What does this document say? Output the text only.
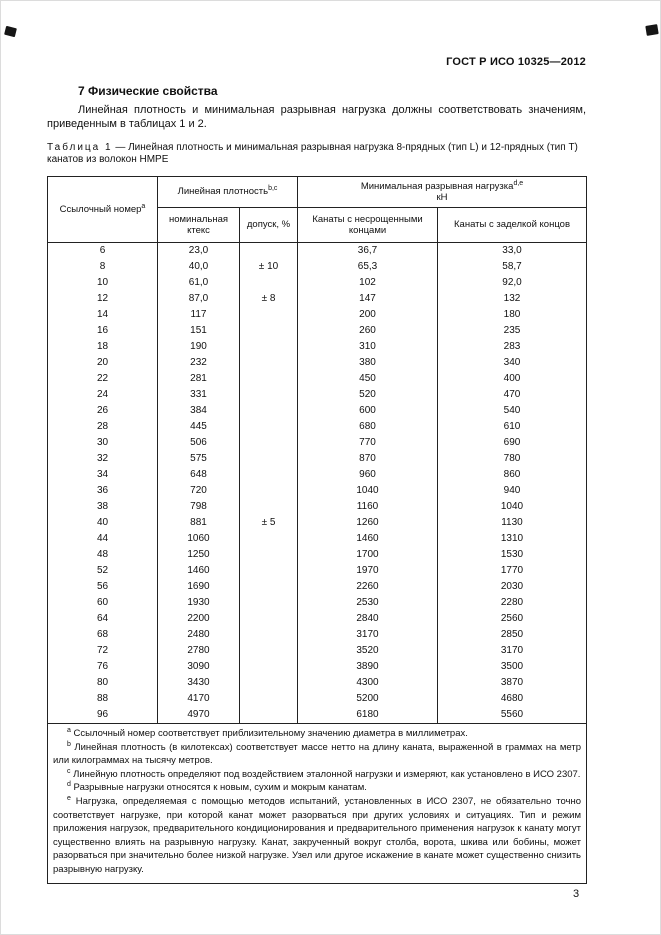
ГОСТ Р ИСО 10325—2012
7 Физические свойства

Линейная плотность и минимальная разрывная нагрузка должны соответствовать значениям, приведенным в таблицах 1 и 2.

Таблица 1 — Линейная плотность и минимальная разрывная нагрузка 8-прядных (тип L) и 12-прядных (тип T) канатов из волокон HMPE

Ссылочный номер$^a$	Линейная плотность$^{b,c}$		Минимальная разрывная нагрузка$^{d,e}$
кН	

	номинальная ктекс	допуск, %	Канаты с несрощенными концами	Канаты с заделкой концов
6	23,0	± 10	36,7	33,0
8	40,0		65,3	58,7
10	61,0		102	92,0
12	87,0	± 8	147	132
14	117		200	180
16	151		260	235
18	190		310	283
20	232		380	340
22	281		450	400
24	331		520	470
26	384		600	540
28	445		680	610
30	506		770	690
32	575		870	780
34	648		960	860
36	720		1040	940
38	798		1160	1040
40	881	± 5	1260	1130
44	1060		1460	1310
48	1250		1700	1530
52	1460		1970	1770
56	1690		2260	2030
60	1930		2530	2280
64	2200		2840	2560
68	2480		3170	2850
72	2780		3520	3170
76	3090		3890	3500
80	3430		4300	3870
88	4170		5200	4680
96	4970		6180	5560

$^a$ Ссылочный номер соответствует приблизительному значению диаметра в миллиметрах.

$^b$ Линейная плотность (в килотексах) соответствует массе нетто на длину каната, выраженной в граммах на метр или килограммах на тысячу метров.

$^c$ Линейную плотность определяют под воздействием эталонной нагрузки и измеряют, как установлено в ИСО 2307.

$^d$ Разрывные нагрузки относятся к новым, сухим и мокрым канатам.

$^e$ Нагрузка, определяемая с помощью методов испытаний, установленных в ИСО 2307, не обязательно точно соответствует нагрузке, при которой канат может разорваться при других условиях и ситуациях. Тип и режим приложения нагрузок, предварительного кондиционирования и предварительного применения нагрузок к канату могут существенно влиять на разрывную нагрузку. Канат, закрученный вокруг столба, ворота, шкива или бобины, может разорваться при значительно более низкой нагрузке. Узел или другое искажение в канате может существенно снизить разрывную нагрузку.				

3
